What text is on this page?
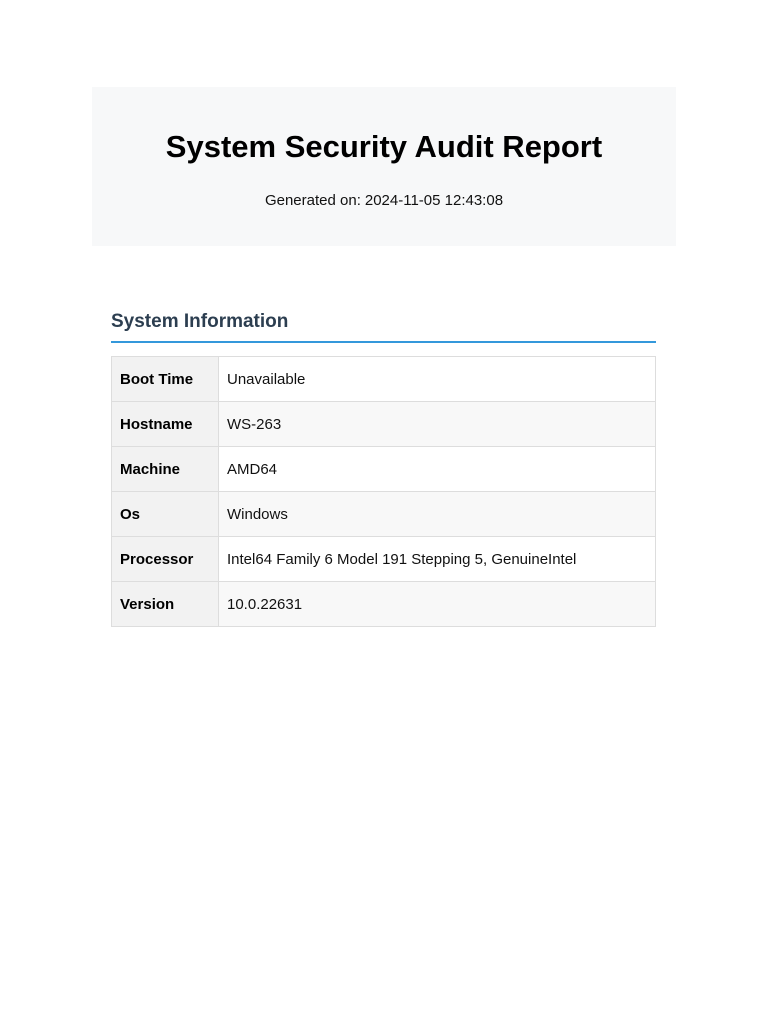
System Security Audit Report

Generated on: 2024-11-05 12:43:08

System Information
Boot Time	Unavailable
Hostname	WS-263
Machine	AMD64
Os	Windows
Processor	Intel64 Family 6 Model 191 Stepping 5, GenuineIntel
Version	10.0.22631
